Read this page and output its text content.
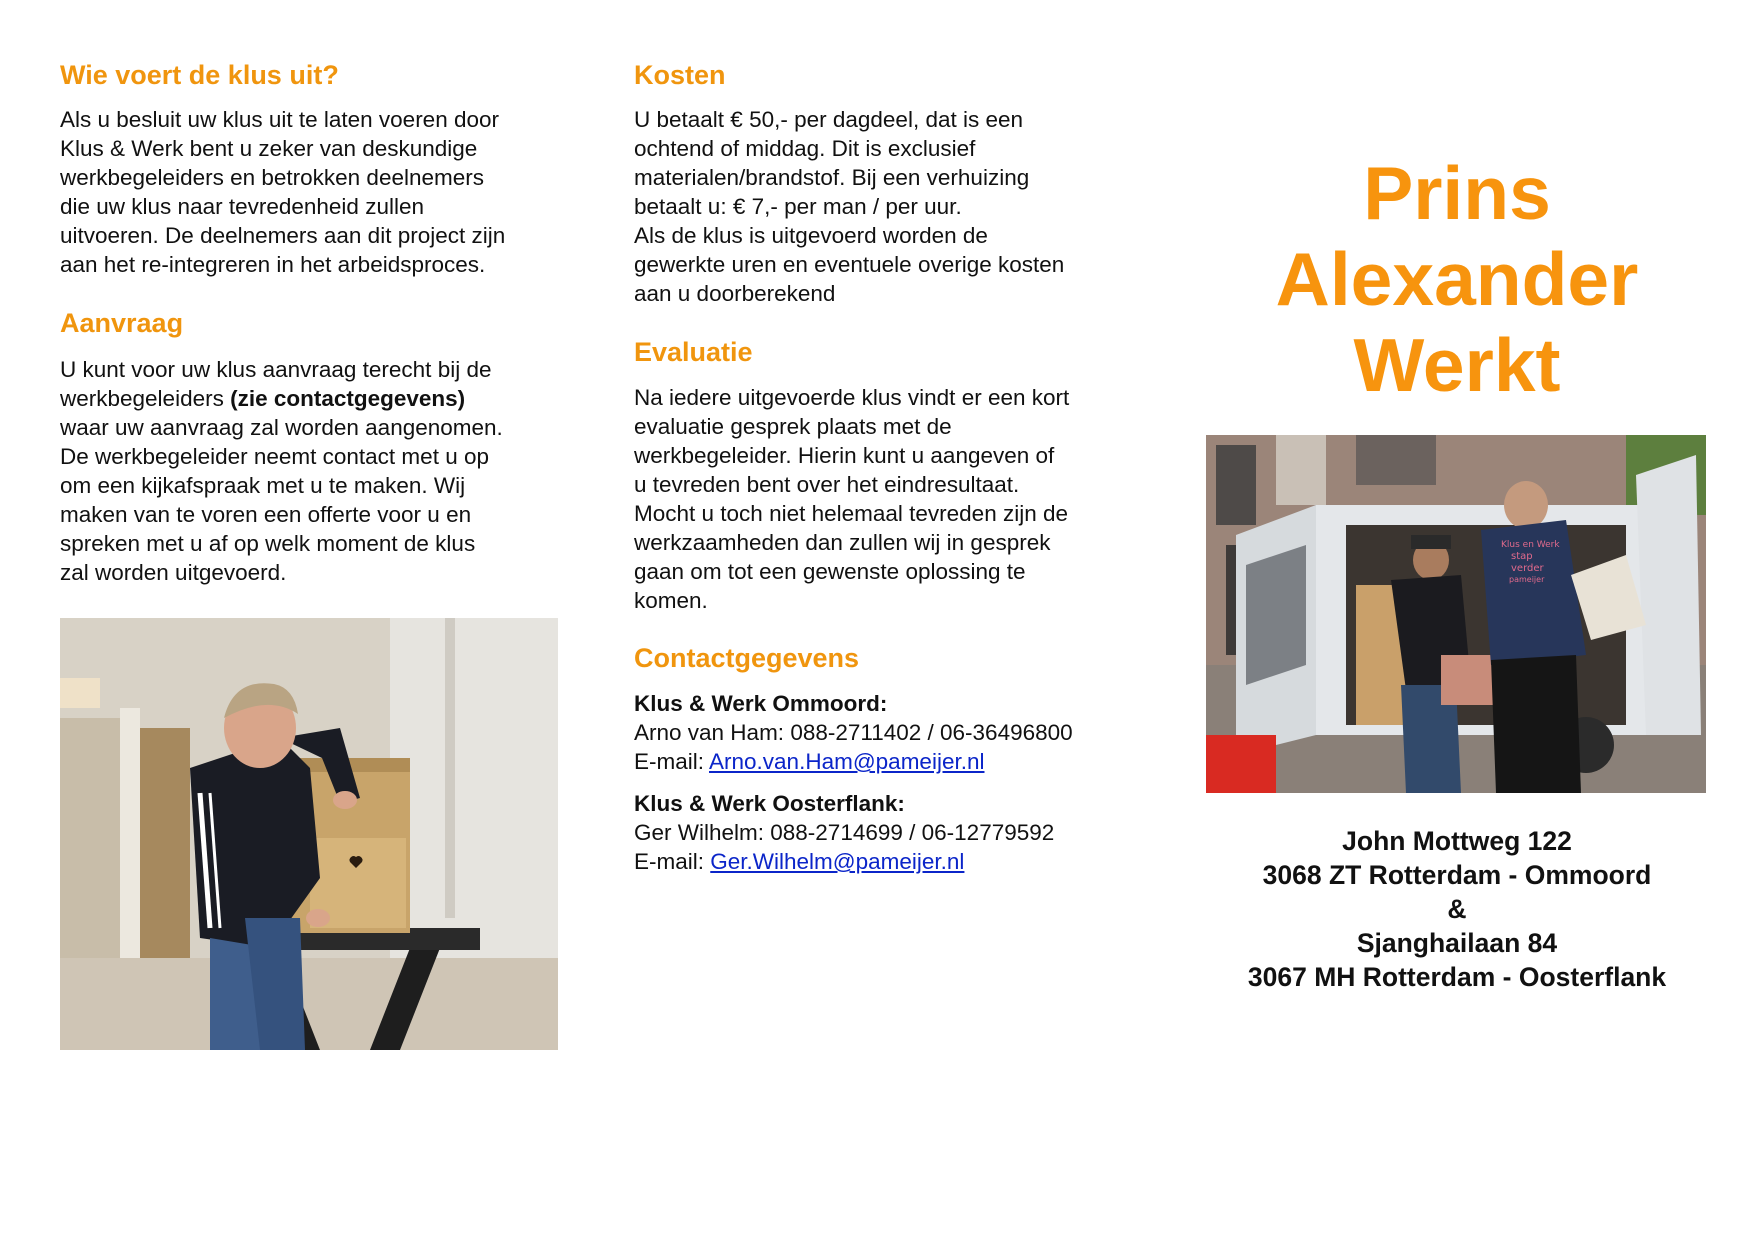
Wie voert de klus uit?

Als u besluit uw klus uit te laten voeren door
Klus & Werk bent u zeker van deskundige
werkbegeleiders en betrokken deelnemers
die uw klus naar tevredenheid zullen
uitvoeren. De deelnemers aan dit project zijn
aan het re-integreren in het arbeidsproces.

Aanvraag

U kunt voor uw klus aanvraag terecht bij de
werkbegeleiders (zie contactgegevens)
waar uw aanvraag zal worden aangenomen.
De werkbegeleider neemt contact met u op
om een kijkafspraak met u te maken. Wij
maken van te voren een offerte voor u en
spreken met u af op welk moment de klus
zal worden uitgevoerd.

Kosten

U betaalt € 50,- per dagdeel, dat is een
ochtend of middag. Dit is exclusief
materialen/brandstof. Bij een verhuizing
betaalt u: € 7,- per man / per uur.
Als de klus is uitgevoerd worden de
gewerkte uren en eventuele overige kosten
aan u doorberekend

Evaluatie

Na iedere uitgevoerde klus vindt er een kort
evaluatie gesprek plaats met de
werkbegeleider. Hierin kunt u aangeven of
u tevreden bent over het eindresultaat.
Mocht u toch niet helemaal tevreden zijn de
werkzaamheden dan zullen wij in gesprek
gaan om tot een gewenste oplossing te
komen.

Contactgegevens
Klus & Werk Ommoord:
Arno van Ham: 088-2711402 / 06-36496800
E-mail: Arno.van.Ham@pameijer.nl
Klus & Werk Oosterflank:
Ger Wilhelm: 088-2714699 / 06-12779592
E-mail: Ger.Wilhelm@pameijer.nl
Prins
Alexander
Werkt
Klus en Werk
stap
verder
pameijer
John Mottweg 122
3068 ZT Rotterdam - Ommoord
&
Sjanghailaan 84
3067 MH Rotterdam - Oosterflank
